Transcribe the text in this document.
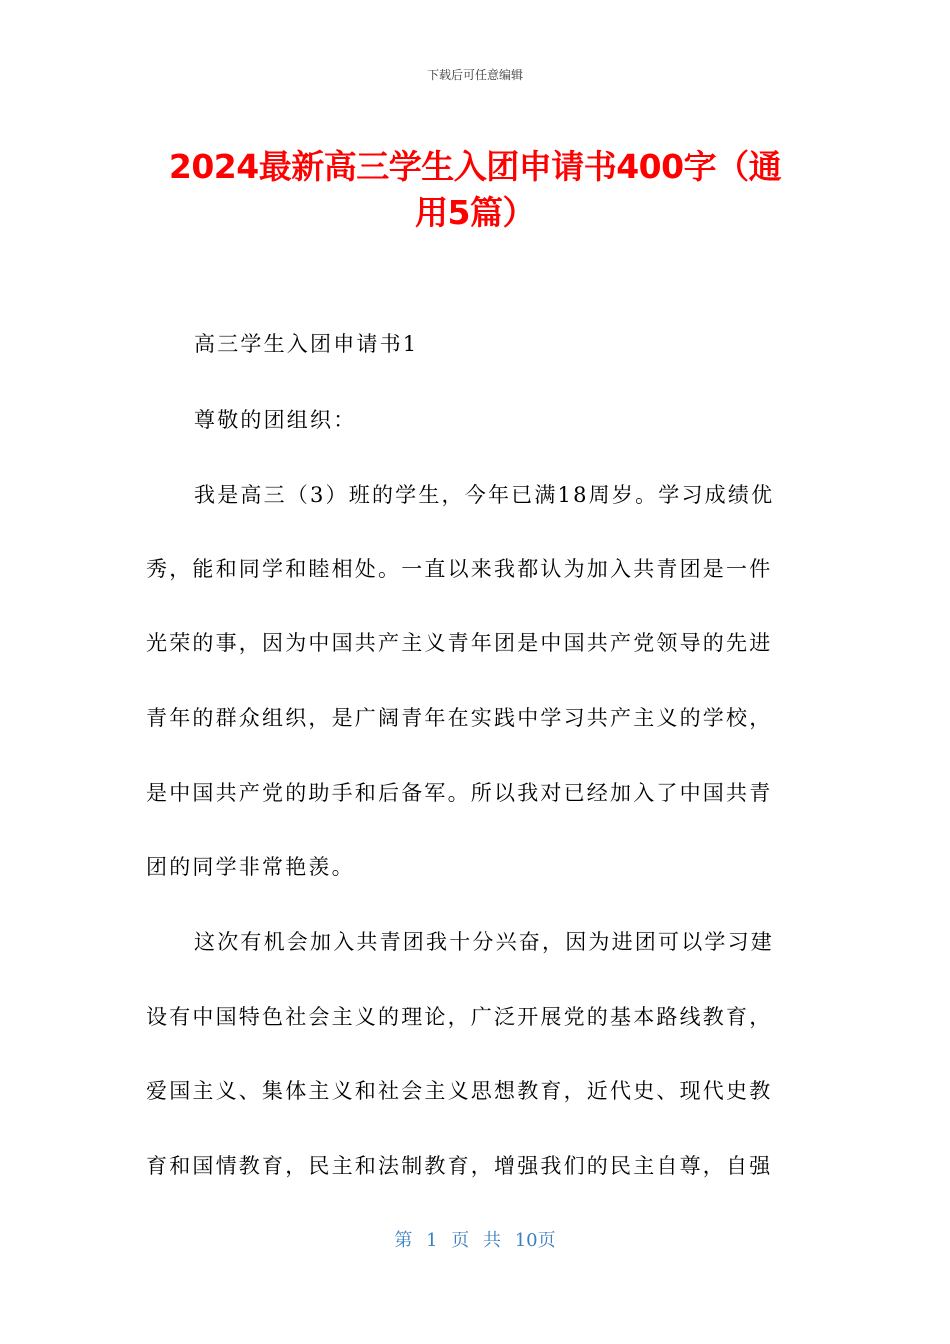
下载后可任意编辑
2024最新高三学生入团申请书400字（通
用5篇）
高三学生入团申请书1
尊敬的团组织：
我是高三（3）班的学生，今年已满18周岁。学习成绩优
秀，能和同学和睦相处。一直以来我都认为加入共青团是一件
光荣的事，因为中国共产主义青年团是中国共产党领导的先进
青年的群众组织，是广阔青年在实践中学习共产主义的学校，
是中国共产党的助手和后备军。所以我对已经加入了中国共青
团的同学非常艳羡。
这次有机会加入共青团我十分兴奋，因为进团可以学习建
设有中国特色社会主义的理论，广泛开展党的基本路线教育，
爱国主义、集体主义和社会主义思想教育，近代史、现代史教
育和国情教育，民主和法制教育，增强我们的民主自尊，自强
第 1 页 共 10页
